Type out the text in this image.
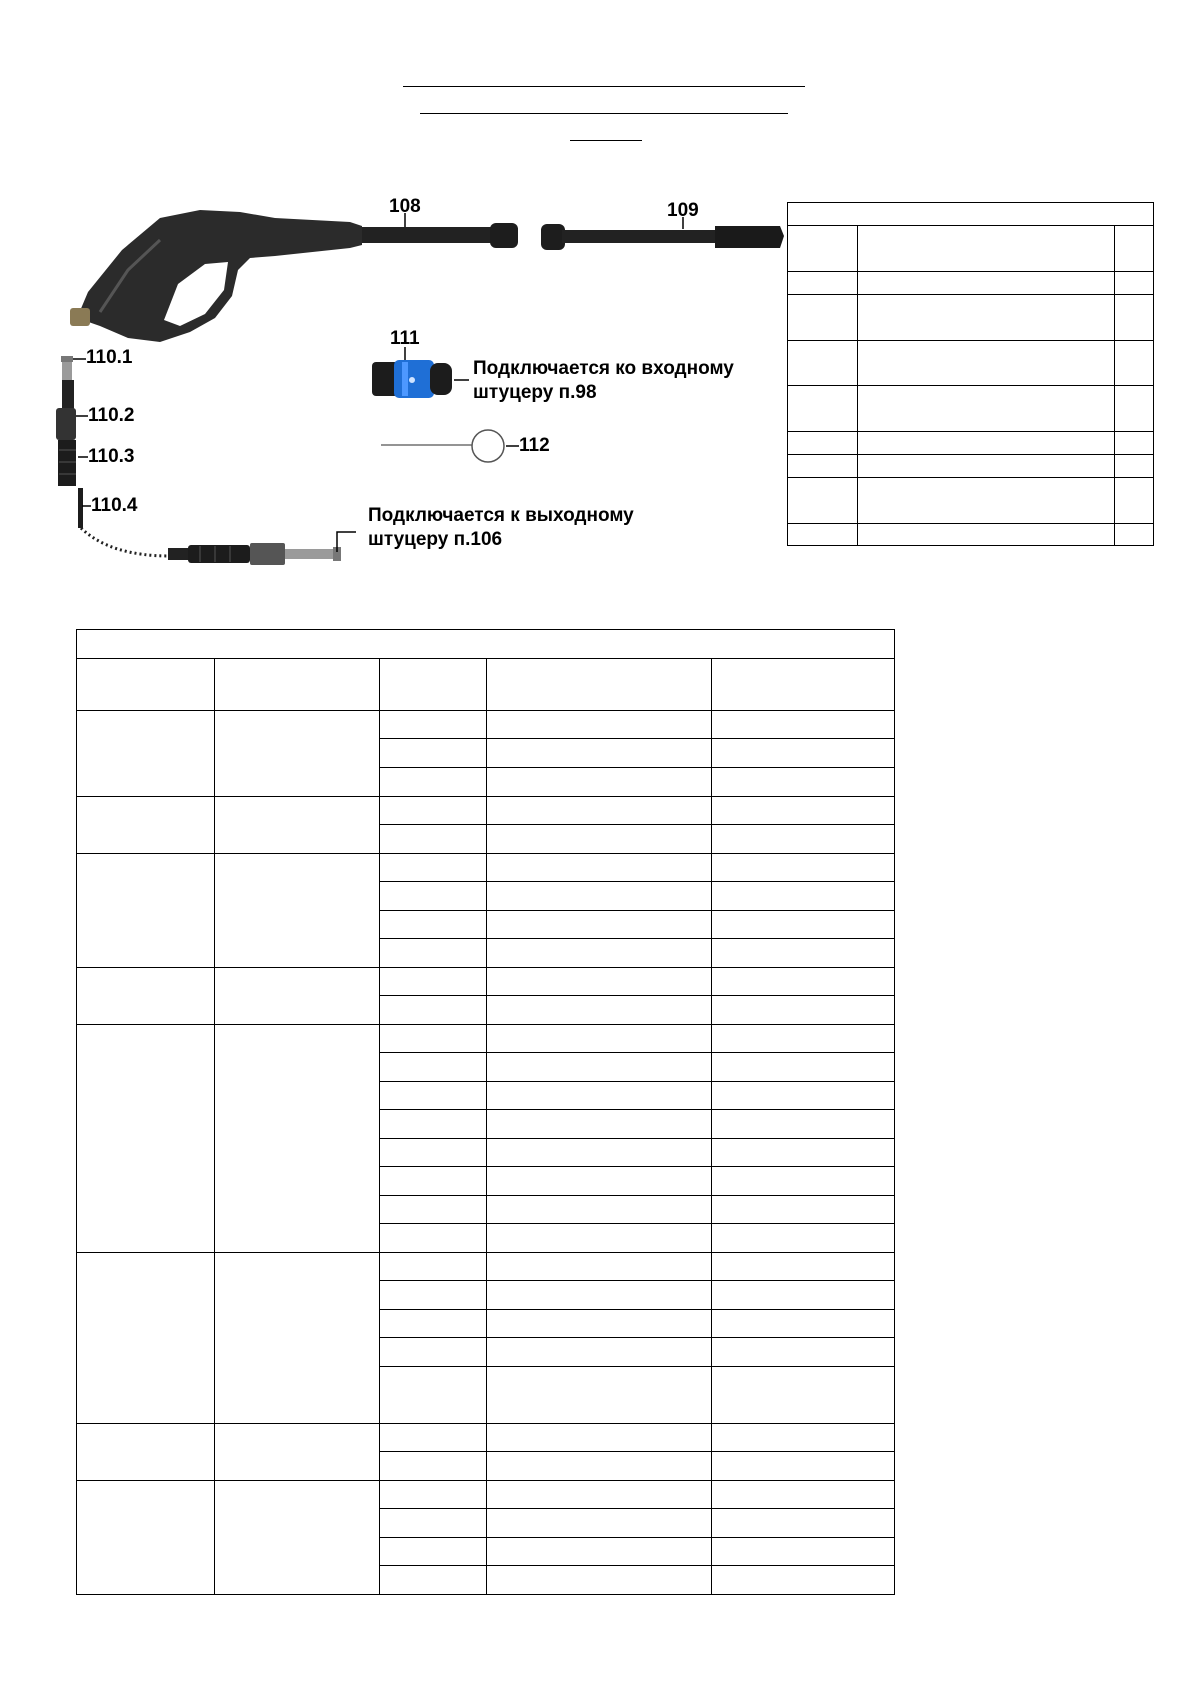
108	109
110.1
110.2
110.3
110.4
111
112
Подключается ко входному
штуцеру п.98
Подключается к выходному
штуцеру п.106
